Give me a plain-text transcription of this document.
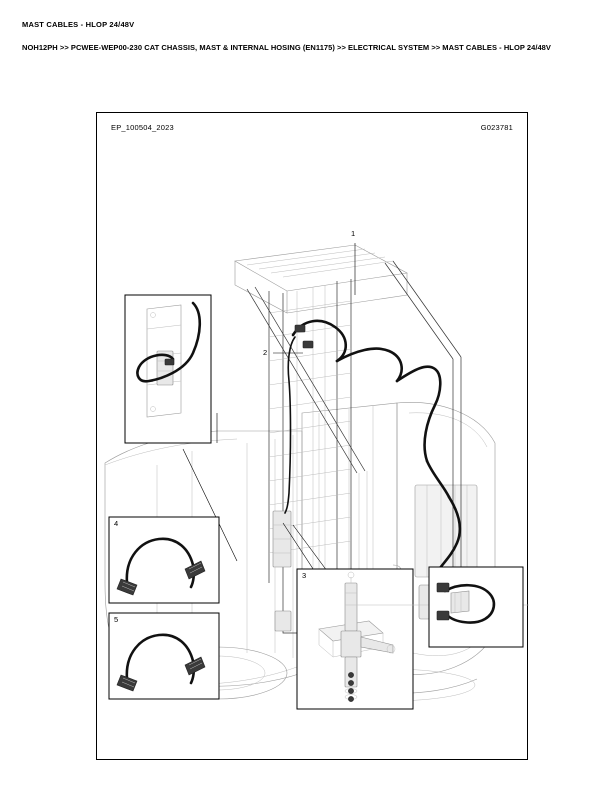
MAST CABLES - HLOP 24/48V
NOH12PH >> PCWEE-WEP00-230 CAT CHASSIS, MAST & INTERNAL HOSING (EN1175) >> ELECTRICAL SYSTEM >> MAST CABLES - HLOP 24/48V
EP_100504_2023	G023781
1
2
3
4
5
